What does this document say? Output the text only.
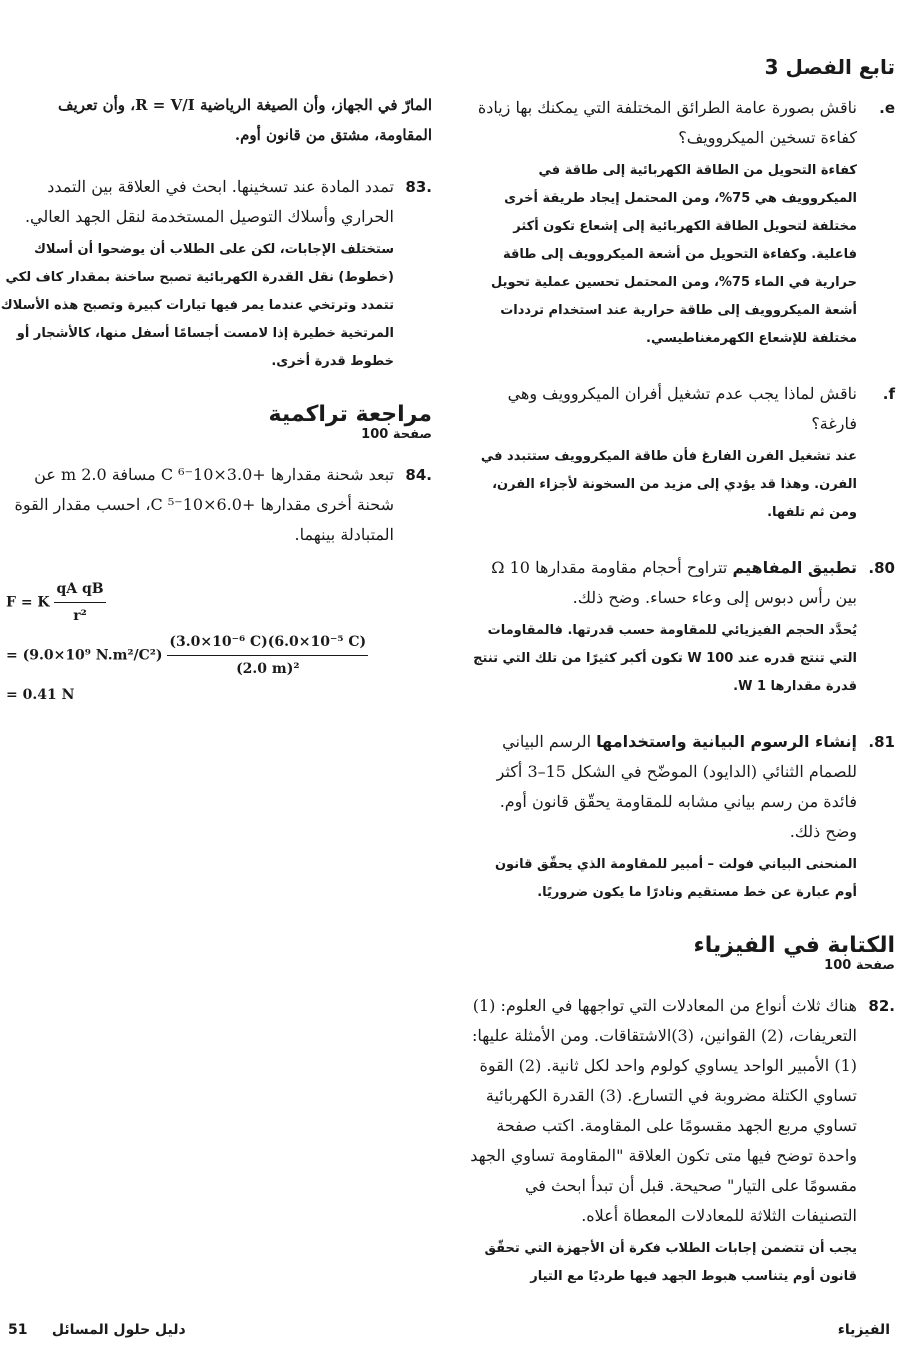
تابع الفصل 3
e.

ناقش بصورة عامة الطرائق المختلفة التي يمكنك بها زيادة كفاءة تسخين الميكروويف؟

كفاءة التحويل من الطاقة الكهربائية إلى طاقة في الميكروويف هي 75%، ومن المحتمل إيجاد طريقة أخرى مختلفة لتحويل الطاقة الكهربائية إلى إشعاع تكون أكثر فاعلية. وكفاءة التحويل من أشعة الميكروويف إلى طاقة حرارية في الماء 75%، ومن المحتمل تحسين عملية تحويل أشعة الميكروويف إلى طاقة حرارية عند استخدام ترددات مختلفة للإشعاع الكهرمغناطيسي.

f.

ناقش لماذا يجب عدم تشغيل أفران الميكروويف وهي فارغة؟

عند تشغيل الفرن الفارغ فأن طاقة الميكروويف ستتبدد في الفرن. وهذا قد يؤدي إلى مزيد من السخونة لأجزاء الفرن، ومن ثم تلفها.

80.

تطبيق المفاهيم تتراوح أحجام مقاومة مقدارها 10 Ω بين رأس دبوس إلى وعاء حساء. وضح ذلك.

يُحدَّد الحجم الفيزيائي للمقاومة حسب قدرتها. فالمقاومات التي تنتج قدره عند 100 W تكون أكبر كثيرًا من تلك التي تنتج قدرة مقدارها 1 W.

81.

إنشاء الرسوم البيانية واستخدامها الرسم البياني للصمام الثنائي (الدايود) الموضّح في الشكل 15–3 أكثر فائدة من رسم بياني مشابه للمقاومة يحقّق قانون أوم. وضح ذلك.

المنحنى البياني فولت – أمبير للمقاومة الذي يحقّق قانون أوم عبارة عن خط مستقيم ونادرًا ما يكون ضروريًا.

الكتابة في الفيزياء
صفحة 100
.82

هناك ثلاث أنواع من المعادلات التي تواجهها في العلوم: (1) التعريفات، (2) القوانين، (3)الاشتقاقات. ومن الأمثلة عليها: (1) الأمبير الواحد يساوي كولوم واحد لكل ثانية. (2) القوة تساوي الكتلة مضروبة في التسارع. (3) القدرة الكهربائية تساوي مربع الجهد مقسومًا على المقاومة. اكتب صفحة واحدة توضح فيها متى تكون العلاقة "المقاومة تساوي الجهد مقسومًا على التيار" صحيحة. قبل أن تبدأ ابحث في التصنيفات الثلاثة للمعادلات المعطاة أعلاه.

يجب أن تتضمن إجابات الطلاب فكرة أن الأجهزة التي تحقّق قانون أوم يتناسب هبوط الجهد فيها طرديًا مع التيار

المارّ في الجهاز، وأن الصيغة الرياضية R = V/I، وأن تعريف المقاومة، مشتق من قانون أوم.

.83

تمدد المادة عند تسخينها. ابحث في العلاقة بين التمدد الحراري وأسلاك التوصيل المستخدمة لنقل الجهد العالي.

ستختلف الإجابات، لكن على الطلاب أن يوضحوا أن أسلاك (خطوط) نقل القدرة الكهربائية تصبح ساخنة بمقدار كاف لكي تتمدد وترتخي عندما يمر فيها تيارات كبيرة وتصبح هذه الأسلاك المرتخية خطيرة إذا لامست أجسامًا أسفل منها، كالأشجار أو خطوط قدرة أخرى.

مراجعة تراكمية
صفحة 100
.84

تبعد شحنة مقدارها +3.0×10⁻⁶ C مسافة 2.0 m عن شحنة أخرى مقدارها +6.0×10⁻⁵ C، احسب مقدار القوة المتبادلة بينهما.

F = K $\frac{\text{qA qB}}{\text{r²}}$
= (9.0×10⁹ $N.m^2/C^2) \frac{\text{(3.0×10⁻⁶ C)(6.0×10⁻⁵ C)}}{\text{(2.0 m)²}}$
= 0.41 N
الفيزياء
دليل حلول المسائل     51
